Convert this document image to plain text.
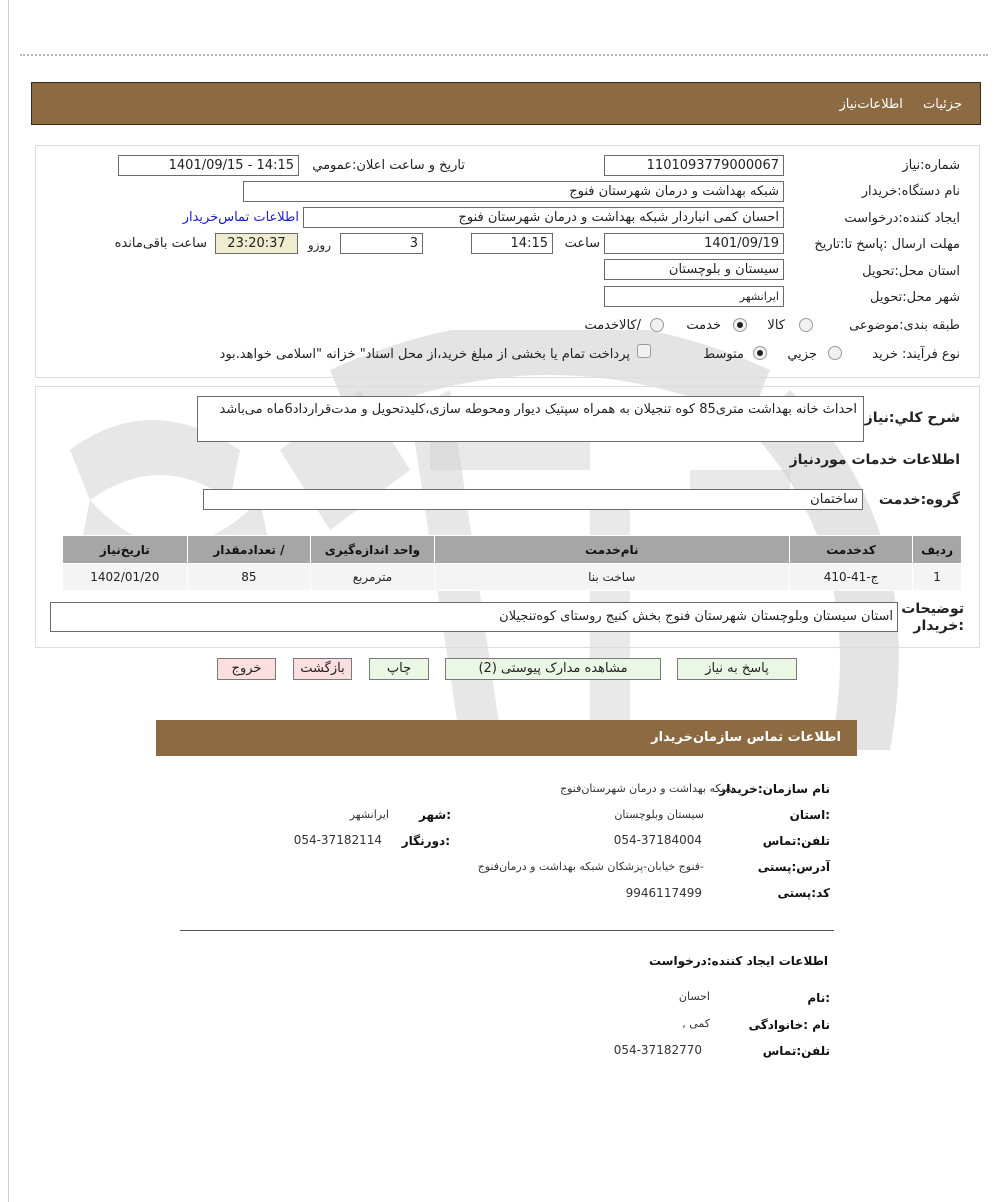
جزئیات اطلاعات‌نیاز
شماره:نیاز
1101093779000067
تاریخ و ساعت اعلان:عمومي
1401/09/15 - 14:15
نام دستگاه:خریدار
شبکه بهداشت و درمان شهرستان فنوج
ایجاد کننده:درخواست
احسان کمی انباردار شبکه بهداشت و درمان شهرستان فنوج
اطلاعات تماس‌خریدار
مهلت ارسال :پاسخ تا:تاریخ
1401/09/19
ساعت
14:15
روزو	3
23:20:37
ساعت باقی‌مانده
استان محل:تحویل
سیستان و بلوچستان
شهر محل:تحویل
ایرانشهر
طبقه بندی:موضوعی
کالا
خدمت
/کالاخدمت
نوع فرآیند: خرید
جزيي
متوسط
پرداخت تمام یا بخشی از مبلغ خرید،از محل اسناد" خزانه "اسلامی خواهد.بود
شرح کلي:نیاز
احداث خانه بهداشت متری85 کوه تنجیلان به همراه سپتیک دیوار ومحوطه سازی،کلیدتحویل و مدت‌قرارداد6ماه می‌باشد
اطلاعات خدمات موردنیاز
گروه:خدمت
ساختمان
ردیف	کدخدمت	نام‌خدمت	واحد اندازه‌گیری	/ تعدادمقدار	تاریخ‌نیاز
1	ج-41-410	ساخت بنا	مترمربع	85	1402/01/20
توضیحات :خریدار
استان سیستان وبلوچستان شهرستان فنوج بخش کنیج روستای کوه‌تنجیلان
پاسخ به نیاز
مشاهده مدارک پیوستی (2)
چاپ
بازگشت
خروج
اطلاعات تماس سازمان‌خریدار
نام سازمان:خریدار
شبکه بهداشت و درمان شهرستان‌فنوج
:استان
سیستان وبلوچستان
:شهر
ایرانشهر
تلفن:تماس
054-37184004
:دورنگار
054-37182114
آدرس:پستی
-فنوج خیابان-پزشکان شبکه بهداشت و درمان‌فنوج
کد:پستی
9946117499
اطلاعات ایجاد کننده:درخواست
:نام
احسان
نام :خانوادگی
کمی ,
تلفن:تماس
054-37182770
